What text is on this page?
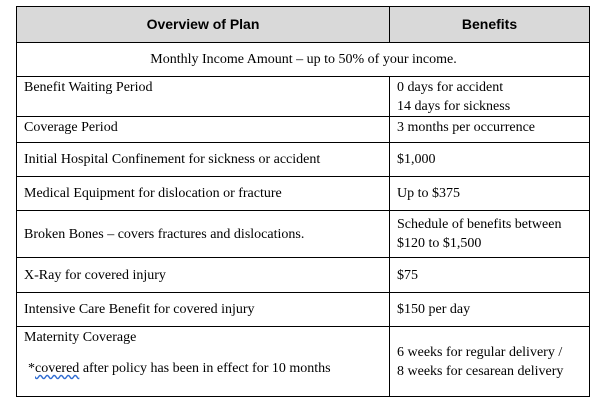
Overview of Plan	Benefits
Monthly Income Amount – up to 50% of your income.	
Benefit Waiting Period	0 days for accident
14 days for sickness

Coverage Period	3 months per occurrence
Initial Hospital Confinement for sickness or accident	$1,000
Medical Equipment for dislocation or fracture	Up to $375
Broken Bones – covers fractures and dislocations.	Schedule of benefits between
$120 to $1,500

X-Ray for covered injury	$75
Intensive Care Benefit for covered injury	$150 per day

Maternity Coverage
*covered after policy has been in effect for 10 months	6 weeks for regular delivery /
8 weeks for cesarean delivery
